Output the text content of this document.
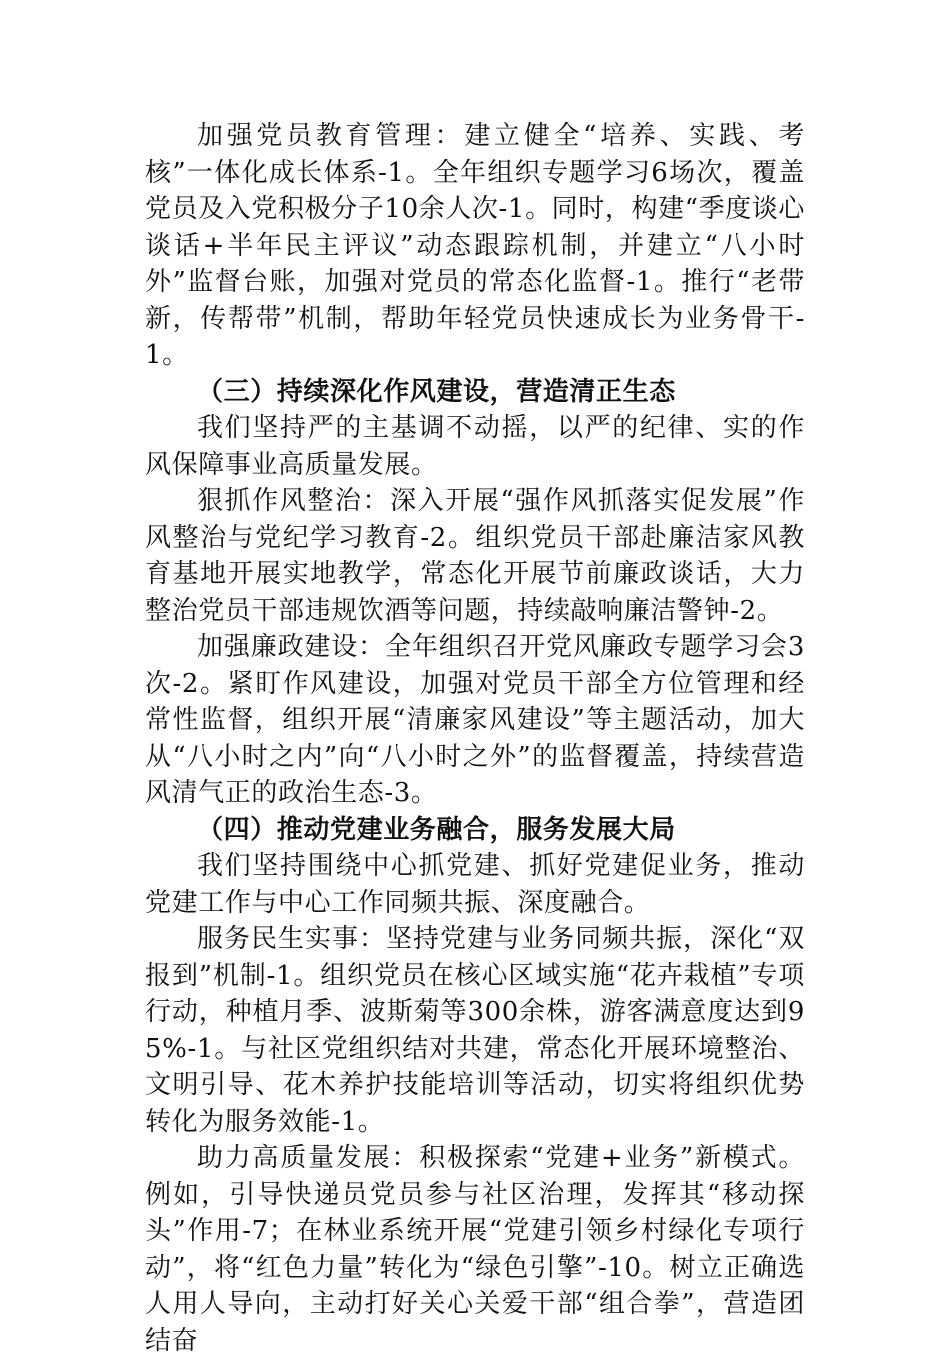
加强党员教育管理：建立健全“培养、实践、考核”一体化成长体系-1。全年组织专题学习6场次，覆盖党员及入党积极分子10余人次-1。同时，构建“季度谈心谈话+半年民主评议”动态跟踪机制，并建立“八小时外”监督台账，加强对党员的常态化监督-1。推行“老带新，传帮带”机制，帮助年轻党员快速成长为业务骨干-1。

（三）持续深化作风建设，营造清正生态

我们坚持严的主基调不动摇，以严的纪律、实的作风保障事业高质量发展。

狠抓作风整治：深入开展“强作风抓落实促发展”作风整治与党纪学习教育-2。组织党员干部赴廉洁家风教育基地开展实地教学，常态化开展节前廉政谈话，大力整治党员干部违规饮酒等问题，持续敲响廉洁警钟-2。

加强廉政建设：全年组织召开党风廉政专题学习会3次-2。紧盯作风建设，加强对党员干部全方位管理和经常性监督，组织开展“清廉家风建设”等主题活动，加大从“八小时之内”向“八小时之外”的监督覆盖，持续营造风清气正的政治生态-3。

（四）推动党建业务融合，服务发展大局

我们坚持围绕中心抓党建、抓好党建促业务，推动党建工作与中心工作同频共振、深度融合。

服务民生实事：坚持党建与业务同频共振，深化“双报到”机制-1。组织党员在核心区域实施“花卉栽植”专项行动，种植月季、波斯菊等300余株，游客满意度达到95%-1。与社区党组织结对共建，常态化开展环境整治、文明引导、花木养护技能培训等活动，切实将组织优势转化为服务效能-1。

助力高质量发展：积极探索“党建+业务”新模式。例如，引导快递员党员参与社区治理，发挥其“移动探头”作用-7；在林业系统开展“党建引领乡村绿化专项行动”，将“红色力量”转化为“绿色引擎”-10。树立正确选人用人导向，主动打好关心关爱干部“组合拳”，营造团结奋
